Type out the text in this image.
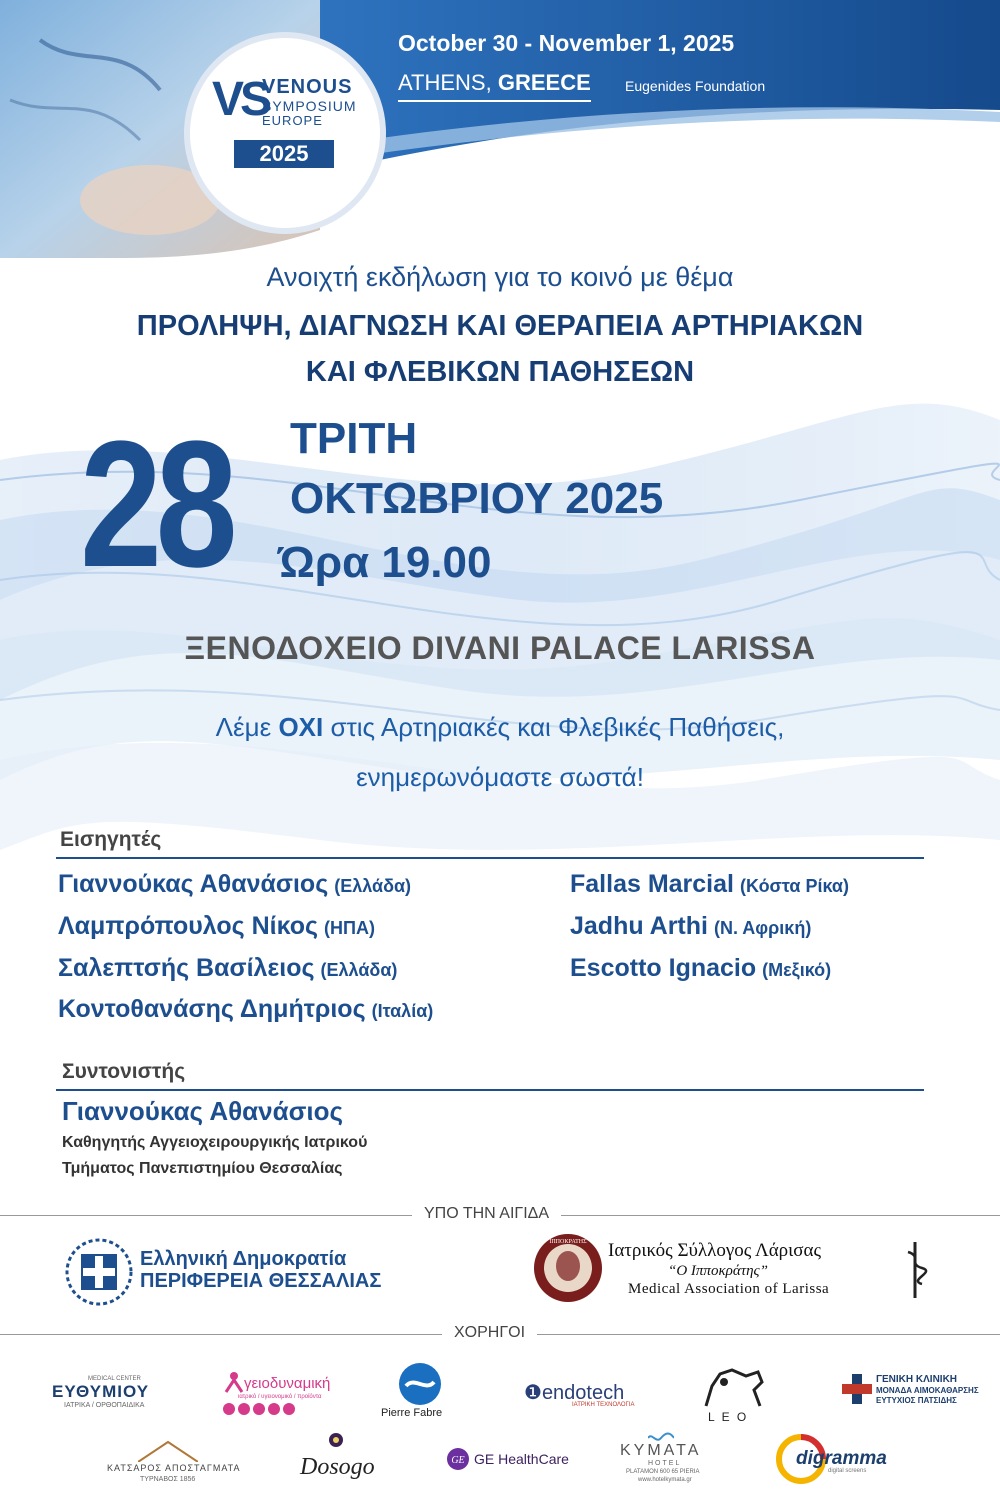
VS
VENOUS
SYMPOSIUM
EUROPE
2025
October 30 - November 1, 2025
ATHENS, GREECE Eugenides Foundation
Ανοιχτή εκδήλωση για το κοινό με θέμα
ΠΡΟΛΗΨΗ, ΔΙΑΓΝΩΣΗ ΚΑΙ ΘΕΡΑΠΕΙΑ ΑΡΤΗΡΙΑΚΩΝ
ΚΑΙ ΦΛΕΒΙΚΩΝ ΠΑΘΗΣΕΩΝ
28 ΤΡΙΤΗ
ΟΚΤΩΒΡΙΟΥ 2025
Ώρα 19.00
ΞΕΝΟΔΟΧΕΙΟ DIVANI PALACE LARISSA
Λέμε ΟΧΙ στις Αρτηριακές και Φλεβικές Παθήσεις,
ενημερωνόμαστε σωστά!
Εισηγητές
Γιαννούκας Αθανάσιος (Ελλάδα)
Λαμπρόπουλος Νίκος (ΗΠΑ)
Σαλεπτσής Βασίλειος (Ελλάδα)
Κοντοθανάσης Δημήτριος (Ιταλία)
Fallas Marcial (Κόστα Ρίκα)
Jadhu Arthi (Ν. Αφρική)
Escotto Ignacio (Μεξικό)
Συντονιστής
Γιαννούκας Αθανάσιος
Καθηγητής Αγγειοχειρουργικής Ιατρικού
Τμήματος Πανεπιστημίου Θεσσαλίας
ΥΠΟ ΤΗΝ ΑΙΓΙΔΑ
Ελληνική Δημοκρατία
ΠΕΡΙΦΕΡΕΙΑ ΘΕΣΣΑΛΙΑΣ
ΙΠΠΟΚΡΑΤΗΣ Ιατρικός Σύλλογος Λάρισας
“Ο Ιπποκράτης”
Medical Association of Larissa
ΧΟΡΗΓΟΙ
ΕΥΘΥΜΙΟΥ
MEDICAL CENTER
ΙΑΤΡΙΚΑ / ΟΡΘΟΠΑΙΔΙΚΑ
γειοδυναμική
ιατρικό / υγειονομικό / προϊόντα
Pierre Fabre
❶endotech
ΙΑΤΡΙΚΗ ΤΕΧΝΟΛΟΓΙΑ
L E O
ΓΕΝΙΚΗ ΚΛΙΝΙΚΗ
ΜΟΝΑΔΑ ΑΙΜΟΚΑΘΑΡΣΗΣ
ΕΥΤΥΧΙΟΣ ΠΑΤΣΙΔΗΣ
ΚΑΤΣΑΡΟΣ ΑΠΟΣΤΑΓΜΑΤΑ
ΤΥΡΝΑΒΟΣ 1856	Dosogo	GE GE HealthCare	KYMATA
HOTEL
PLATAMON 600 65 PIERIA
www.hotelkymata.gr
digramma
digital screens
